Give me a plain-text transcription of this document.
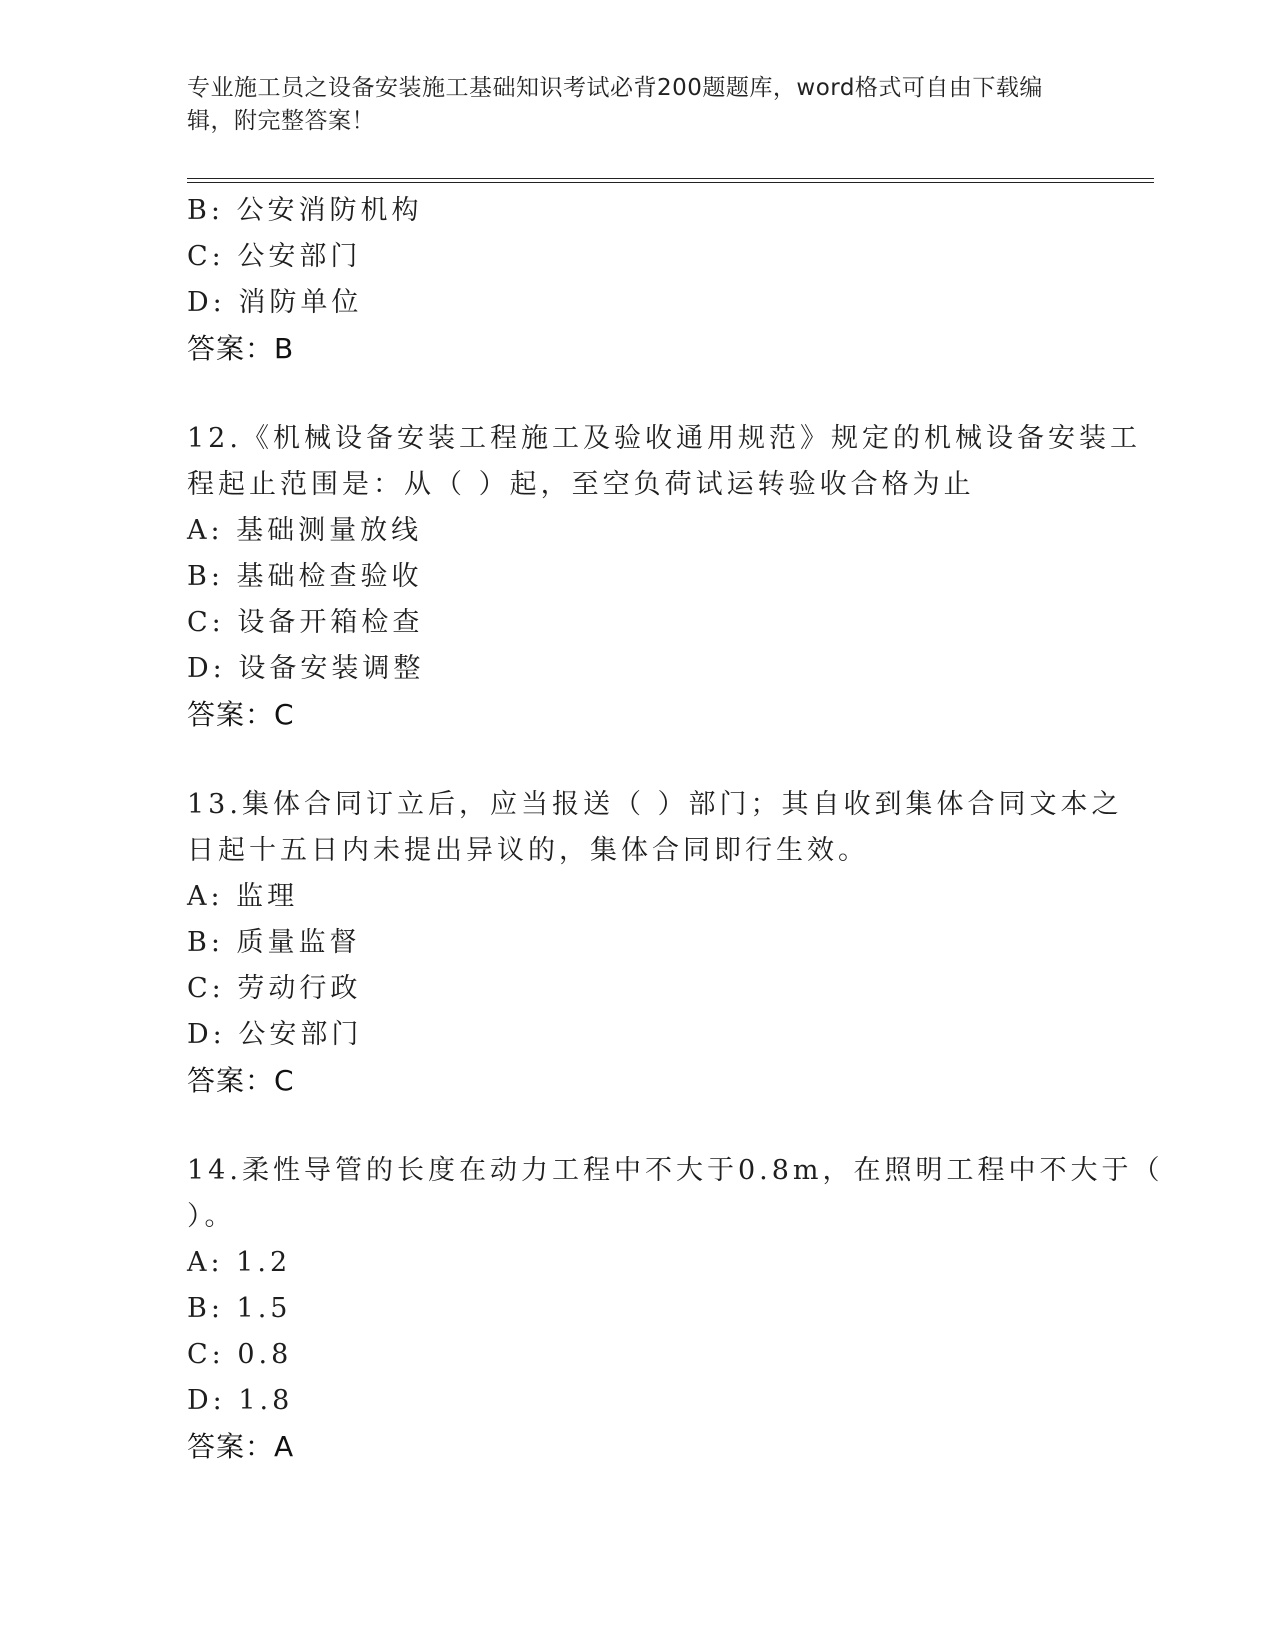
专业施工员之设备安装施工基础知识考试必背200题题库，word格式可自由下载编辑，附完整答案！
B: 公安消防机构
C: 公安部门
D: 消防单位
答案：B
12.《机械设备安装工程施工及验收通用规范》规定的机械设备安装工
程起止范围是：从（ ）起，至空负荷试运转验收合格为止
A: 基础测量放线
B: 基础检查验收
C: 设备开箱检查
D: 设备安装调整
答案：C
13.集体合同订立后，应当报送（ ）部门；其自收到集体合同文本之
日起十五日内未提出异议的，集体合同即行生效。
A: 监理
B: 质量监督
C: 劳动行政
D: 公安部门
答案：C
14.柔性导管的长度在动力工程中不大于0.8m，在照明工程中不大于（
）。
A: 1.2
B: 1.5
C: 0.8
D: 1.8
答案：A
